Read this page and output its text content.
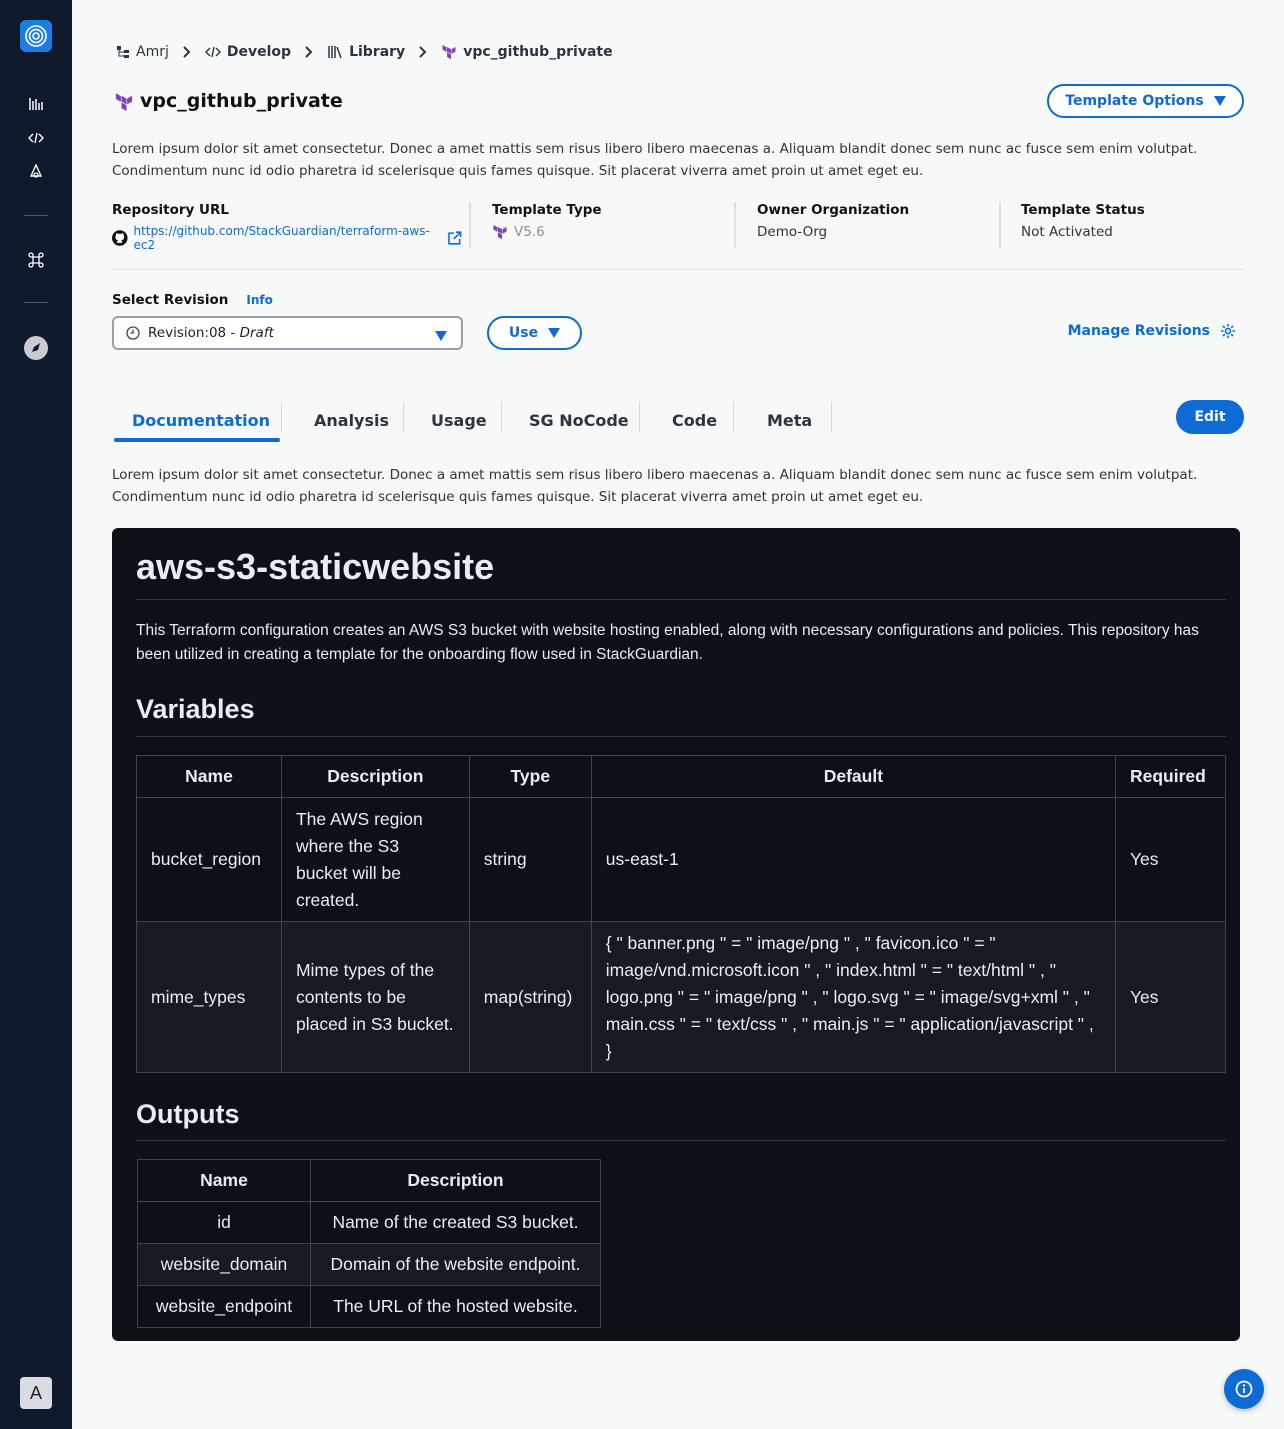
A
Amrj	Develop	Library	vpc_github_private
vpc_github_private	Template Options
Lorem ipsum dolor sit amet consectetur. Donec a amet mattis sem risus libero libero maecenas a. Aliquam blandit donec sem nunc ac fusce sem enim volutpat. Condimentum nunc id odio pharetra id scelerisque quis fames quisque. Sit placerat viverra amet proin ut amet eget eu.
Repository URL
https://github.com/StackGuardian/terraform-aws-ec2
Template Type
V5.6
Owner Organization
Demo-Org
Template Status
Not Activated
Select Revision Info
Revision:08 - Draft	Use	Manage Revisions
Documentation	Analysis	Usage	SG NoCode	Code	Meta	Edit
Lorem ipsum dolor sit amet consectetur. Donec a amet mattis sem risus libero libero maecenas a. Aliquam blandit donec sem nunc ac fusce sem enim volutpat. Condimentum nunc id odio pharetra id scelerisque quis fames quisque. Sit placerat viverra amet proin ut amet eget eu.
aws-s3-staticwebsite

This Terraform configuration creates an AWS S3 bucket with website hosting enabled, along with necessary configurations and policies. This repository has been utilized in creating a template for the onboarding flow used in StackGuardian.

Variables
Name	Description	Type	Default	Required
bucket_region	The AWS region where the S3 bucket will be created.	string	us-east-1	Yes
mime_types	Mime types of the contents to be placed in S3 bucket.	map(string)	{ " banner.png " = " image/png " , " favicon.ico " = " image/vnd.microsoft.icon " , " index.html " = " text/html " , " logo.png " = " image/png " , " logo.svg " = " image/svg+xml " , " main.css " = " text/css " , " main.js " = " application/javascript " , }	Yes
Outputs
Name	Description
id	Name of the created S3 bucket.
website_domain	Domain of the website endpoint.
website_endpoint	The URL of the hosted website.
